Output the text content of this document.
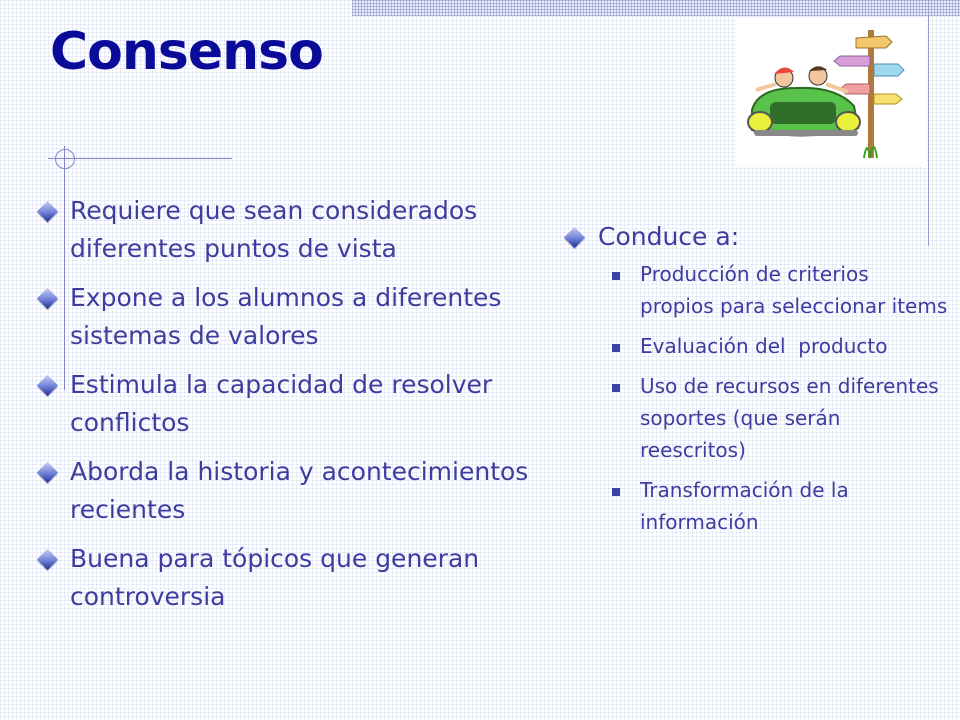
Consenso
Requiere que sean considerados diferentes puntos de vista
Expone a los alumnos a diferentes sistemas de valores
Estimula la capacidad de resolver conflictos
Aborda la historia y acontecimientos recientes
Buena para tópicos que generan controversia
Conduce a:
Producción de criterios propios para seleccionar items
Evaluación del  producto
Uso de recursos en diferentes soportes (que serán reescritos)
Transformación de la información
